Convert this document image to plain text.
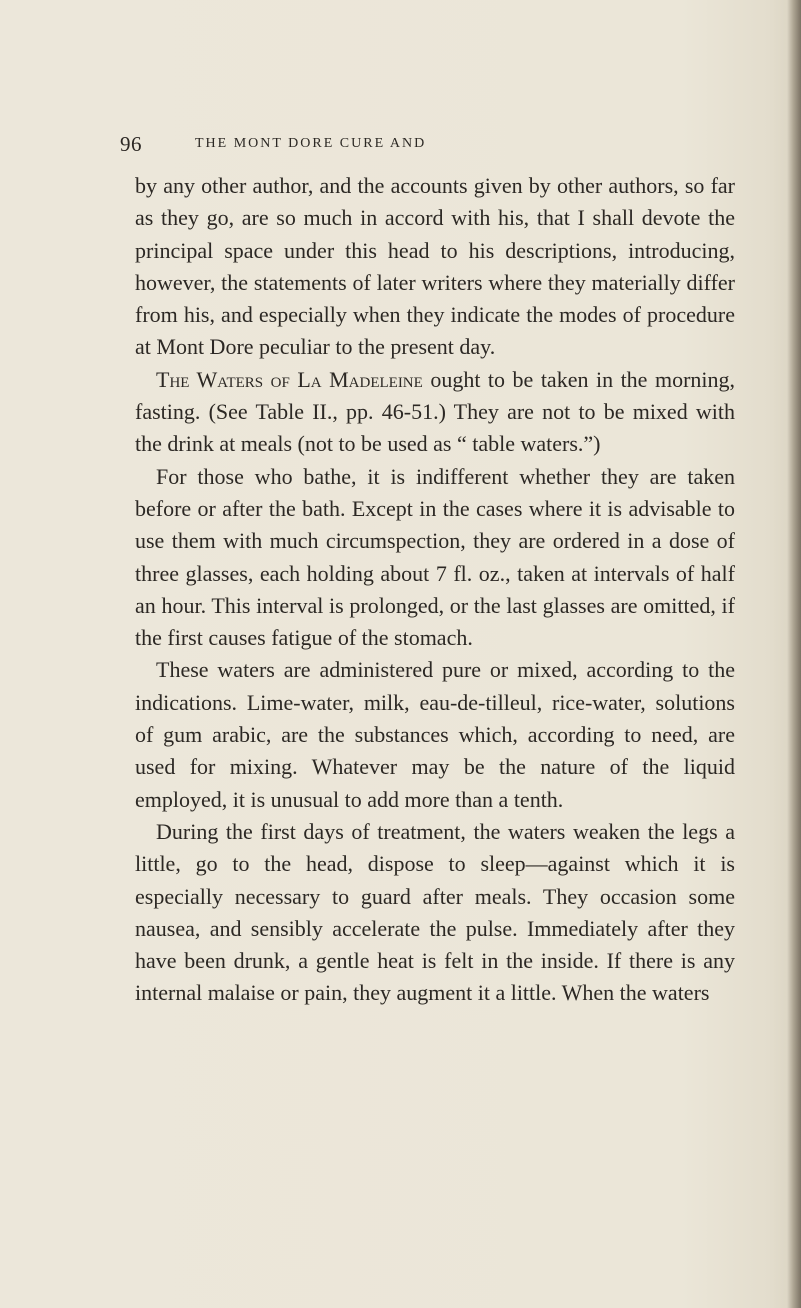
96	THE MONT DORE CURE AND

by any other author, and the accounts given by other authors, so far as they go, are so much in accord with his, that I shall devote the principal space under this head to his descriptions, introducing, however, the statements of later writers where they materially differ from his, and especially when they indicate the modes of procedure at Mont Dore peculiar to the present day.

The Waters of La Madeleine ought to be taken in the morning, fasting. (See Table II., pp. 46-51.) They are not to be mixed with the drink at meals (not to be used as “ table waters.”)

For those who bathe, it is indifferent whether they are taken before or after the bath. Except in the cases where it is advisable to use them with much circumspection, they are ordered in a dose of three glasses, each holding about 7 fl. oz., taken at intervals of half an hour. This interval is prolonged, or the last glasses are omitted, if the first causes fatigue of the stomach.

These waters are administered pure or mixed, according to the indications. Lime-water, milk, eau-de-tilleul, rice-water, solutions of gum arabic, are the substances which, according to need, are used for mixing. Whatever may be the nature of the liquid employed, it is unusual to add more than a tenth.

During the first days of treatment, the waters weaken the legs a little, go to the head, dispose to sleep—against which it is especially necessary to guard after meals. They occasion some nausea, and sensibly accelerate the pulse. Immediately after they have been drunk, a gentle heat is felt in the inside. If there is any internal malaise or pain, they augment it a little. When the waters
